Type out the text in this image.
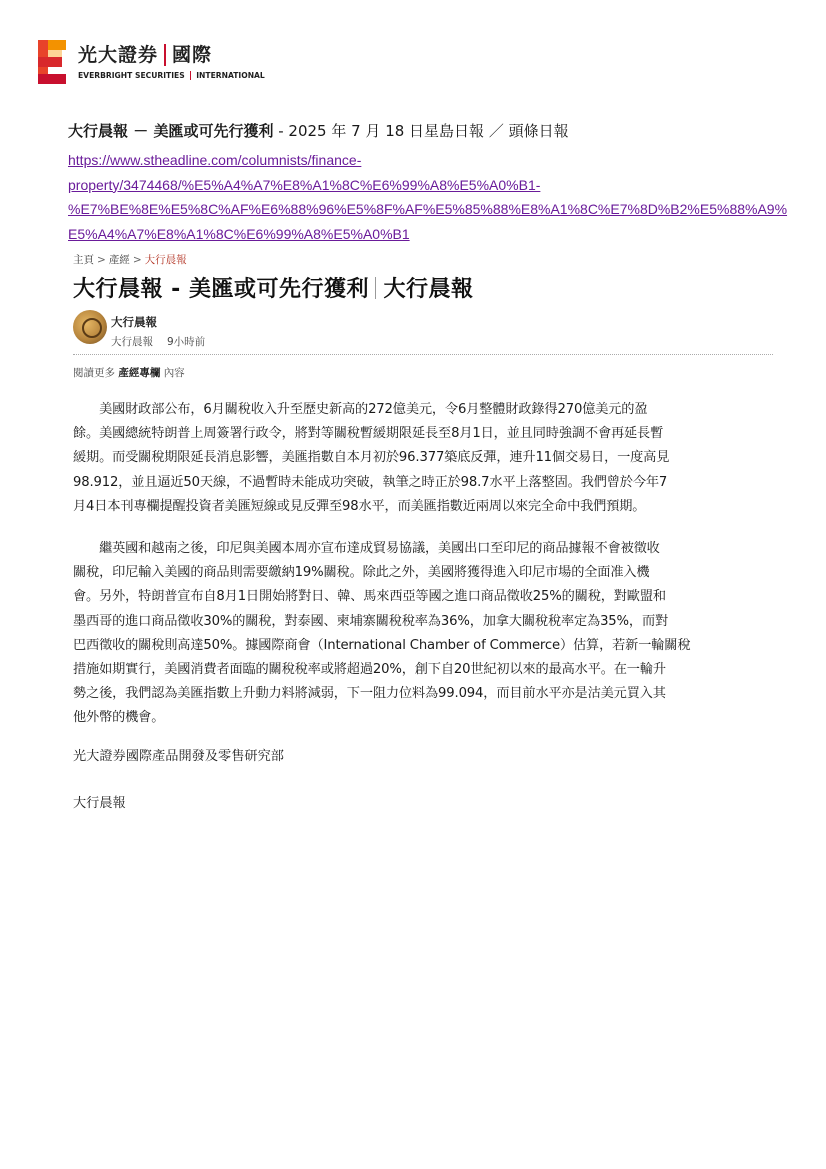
光大證券 國際
EVERBRIGHT SECURITIES INTERNATIONAL
大行晨報 － 美匯或可先行獲利 - 2025 年 7 月 18 日星島日報 ／ 頭條日報
https://www.stheadline.com/columnists/finance-
property/3474468/%E5%A4%A7%E8%A1%8C%E6%99%A8%E5%A0%B1-
%E7%BE%8E%E5%8C%AF%E6%88%96%E5%8F%AF%E5%85%88%E8%A1%8C%E7%8D%B2%E5%88%A9%
E5%A4%A7%E8%A1%8C%E6%99%A8%E5%A0%B1
主頁 > 產經 > 大行晨報
大行晨報 - 美匯或可先行獲利 大行晨報
大行晨報
大行晨報 9小時前
閱讀更多 產經專欄 內容
　　美國財政部公布，6月關稅收入升至歷史新高的272億美元，令6月整體財政錄得270億美元的盈
餘。美國總統特朗普上周簽署行政令，將對等關稅暫緩期限延長至8月1日，並且同時強調不會再延長暫
緩期。而受關稅期限延長消息影響，美匯指數自本月初於96.377築底反彈，連升11個交易日，一度高見
98.912，並且逼近50天線，不過暫時未能成功突破，執筆之時正於98.7水平上落整固。我們曾於今年7
月4日本刊專欄提醒投資者美匯短線或見反彈至98水平，而美匯指數近兩周以來完全命中我們預期。
　　繼英國和越南之後，印尼與美國本周亦宣布達成貿易協議，美國出口至印尼的商品據報不會被徵收
關稅，印尼輸入美國的商品則需要繳納19%關稅。除此之外，美國將獲得進入印尼市場的全面准入機
會。另外，特朗普宣布自8月1日開始將對日、韓、馬來西亞等國之進口商品徵收25%的關稅，對歐盟和
墨西哥的進口商品徵收30%的關稅，對泰國、柬埔寨關稅稅率為36%，加拿大關稅稅率定為35%，而對
巴西徵收的關稅則高達50%。據國際商會（International Chamber of Commerce）估算，若新一輪關稅
措施如期實行，美國消費者面臨的關稅稅率或將超過20%，創下自20世紀初以來的最高水平。在一輪升
勢之後，我們認為美匯指數上升動力料將減弱，下一阻力位料為99.094，而目前水平亦是沽美元買入其
他外幣的機會。
光大證券國際產品開發及零售研究部
大行晨報
